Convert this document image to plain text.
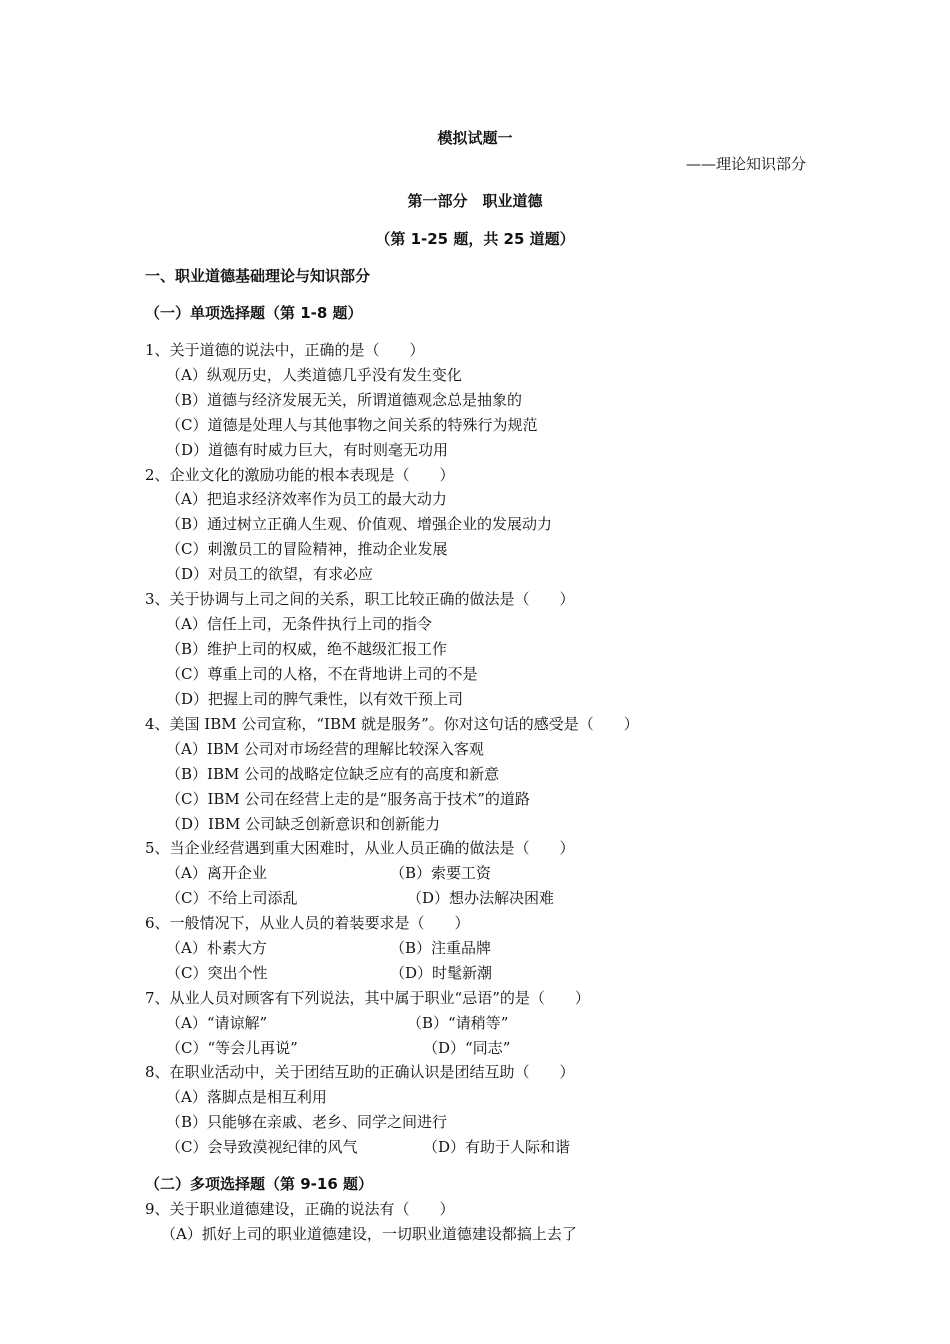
模拟试题一
——理论知识部分
第一部分　职业道德
（第 1-25 题，共 25 道题）
一、职业道德基础理论与知识部分
（一）单项选择题（第 1-8 题）
1、关于道德的说法中，正确的是（　　）
（A）纵观历史，人类道德几乎没有发生变化
（B）道德与经济发展无关，所谓道德观念总是抽象的
（C）道德是处理人与其他事物之间关系的特殊行为规范
（D）道德有时威力巨大，有时则毫无功用
2、企业文化的激励功能的根本表现是（　　）
（A）把追求经济效率作为员工的最大动力
（B）通过树立正确人生观、价值观、增强企业的发展动力
（C）刺激员工的冒险精神，推动企业发展
（D）对员工的欲望，有求必应
3、关于协调与上司之间的关系，职工比较正确的做法是（　　）
（A）信任上司，无条件执行上司的指令
（B）维护上司的权威，绝不越级汇报工作
（C）尊重上司的人格，不在背地讲上司的不是
（D）把握上司的脾气秉性，以有效干预上司
4、美国 IBM 公司宣称，“IBM 就是服务”。你对这句话的感受是（　　）
（A）IBM 公司对市场经营的理解比较深入客观
（B）IBM 公司的战略定位缺乏应有的高度和新意
（C）IBM 公司在经营上走的是“服务高于技术”的道路
（D）IBM 公司缺乏创新意识和创新能力
5、当企业经营遇到重大困难时，从业人员正确的做法是（　　）
（A）离开企业	（B）索要工资
（C）不给上司添乱	（D）想办法解决困难
6、一般情况下，从业人员的着装要求是（　　）
（A）朴素大方	（B）注重品牌
（C）突出个性	（D）时髦新潮
7、从业人员对顾客有下列说法，其中属于职业“忌语”的是（　　）
（A）“请谅解”	（B）“请稍等”
（C）“等会儿再说”	（D）“同志”
8、在职业活动中，关于团结互助的正确认识是团结互助（　　）
（A）落脚点是相互利用
（B）只能够在亲戚、老乡、同学之间进行
（C）会导致漠视纪律的风气	（D）有助于人际和谐
（二）多项选择题（第 9-16 题）
9、关于职业道德建设，正确的说法有（　　）
（A）抓好上司的职业道德建设，一切职业道德建设都搞上去了
